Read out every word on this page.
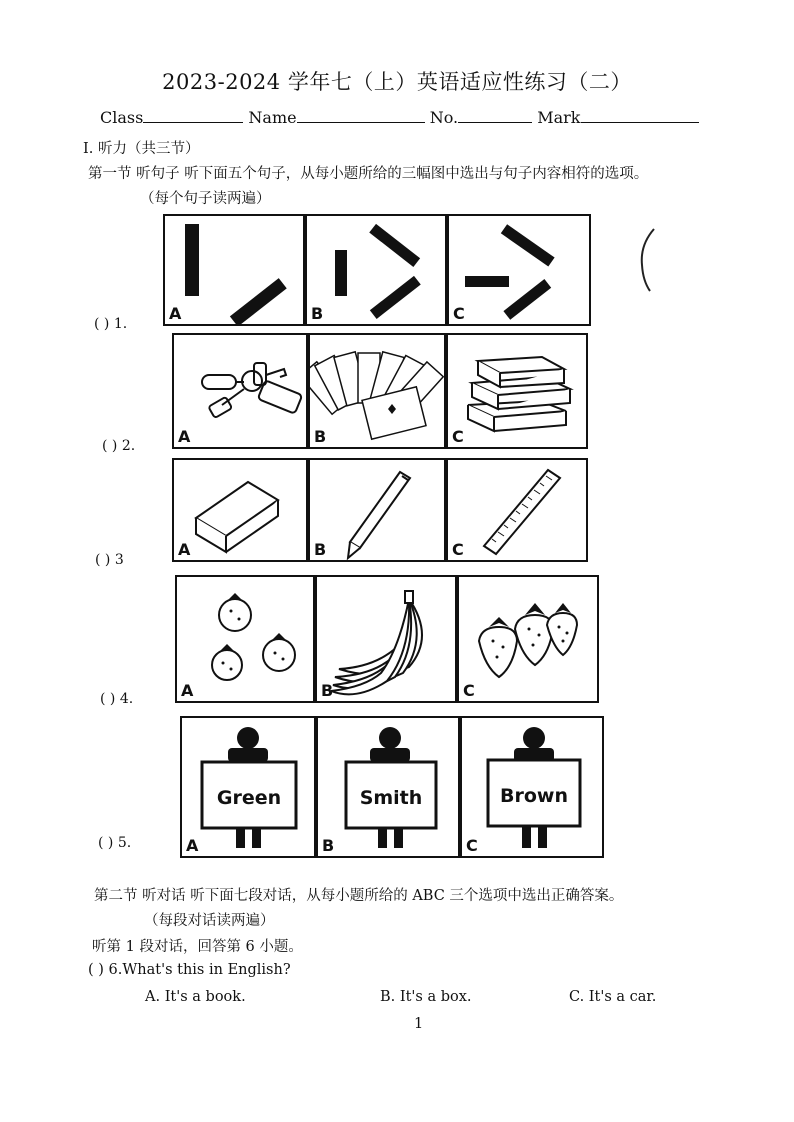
2023-2024 学年七（上）英语适应性练习（二）
Class	Name	No.	Mark
Ⅰ. 听力（共三节）
第一节 听句子 听下面五个句子，从每小题所给的三幅图中选出与句子内容相符的选项。
（每个句子读两遍）
( ) 1.
A	B	C
( ) 2.	A	B	C
( ) 3
A	B	C
( ) 4.	A	B	C
( ) 5.
Green
A
Smith
B
Brown
C
第二节 听对话 听下面七段对话，从每小题所给的 ABC 三个选项中选出正确答案。
（每段对话读两遍）
听第 1 段对话，回答第 6 小题。
( ) 6.What's this in English?
A. It's a book.	B. It's a box.	C. It's a car.
1
